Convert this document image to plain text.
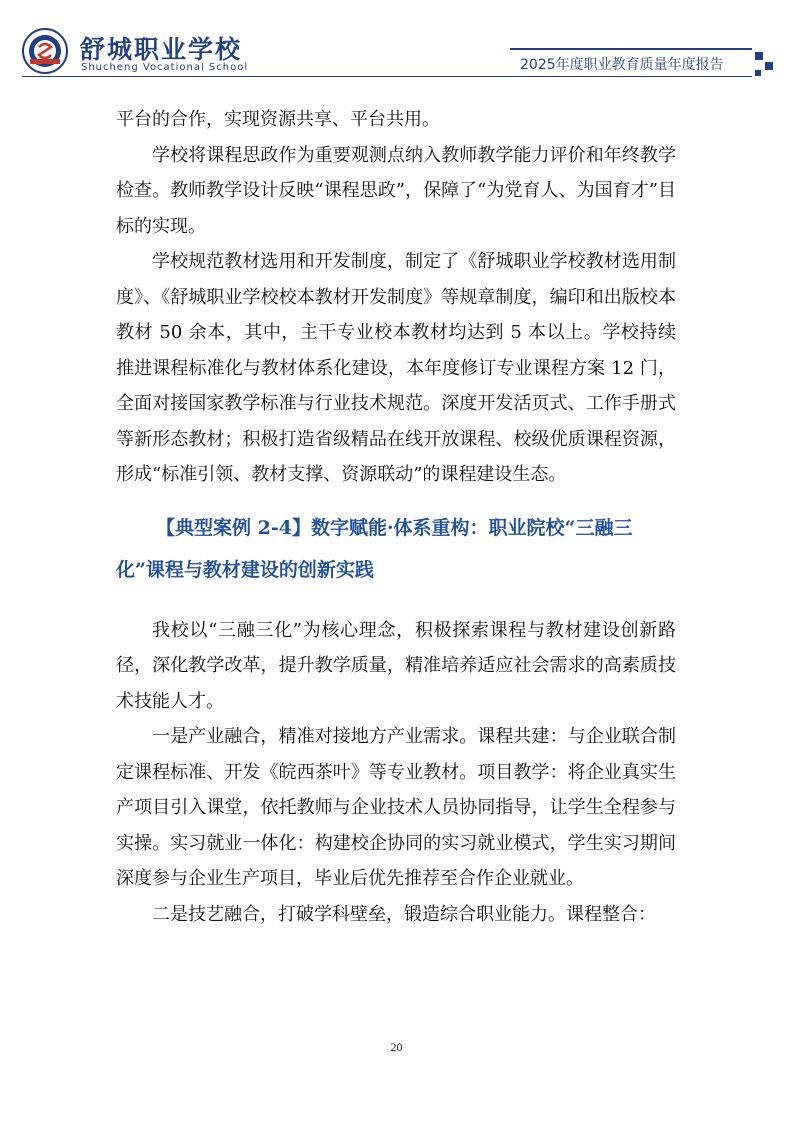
舒城职业学校
Shucheng Vocational School	2025年度职业教育质量年度报告

平台的合作，实现资源共享、平台共用。

学校将课程思政作为重要观测点纳入教师教学能力评价和年终教学检查。教师教学设计反映“课程思政”，保障了“为党育人、为国育才”目标的实现。

学校规范教材选用和开发制度，制定了《舒城职业学校教材选用制度》、《舒城职业学校校本教材开发制度》等规章制度，编印和出版校本教材 50 余本，其中，主干专业校本教材均达到 5 本以上。学校持续推进课程标准化与教材体系化建设，本年度修订专业课程方案 12 门，全面对接国家教学标准与行业技术规范。深度开发活页式、工作手册式等新形态教材；积极打造省级精品在线开放课程、校级优质课程资源，形成“标准引领、教材支撑、资源联动”的课程建设生态。

【典型案例 2-4】数字赋能·体系重构：职业院校“三融三化”课程与教材建设的创新实践

我校以“三融三化”为核心理念，积极探索课程与教材建设创新路径，深化教学改革，提升教学质量，精准培养适应社会需求的高素质技术技能人才。

一是产业融合，精准对接地方产业需求。课程共建：与企业联合制定课程标准、开发《皖西茶叶》等专业教材。项目教学：将企业真实生产项目引入课堂，依托教师与企业技术人员协同指导，让学生全程参与实操。实习就业一体化：构建校企协同的实习就业模式，学生实习期间深度参与企业生产项目，毕业后优先推荐至合作企业就业。

二是技艺融合，打破学科壁垒，锻造综合职业能力。课程整合：

20
